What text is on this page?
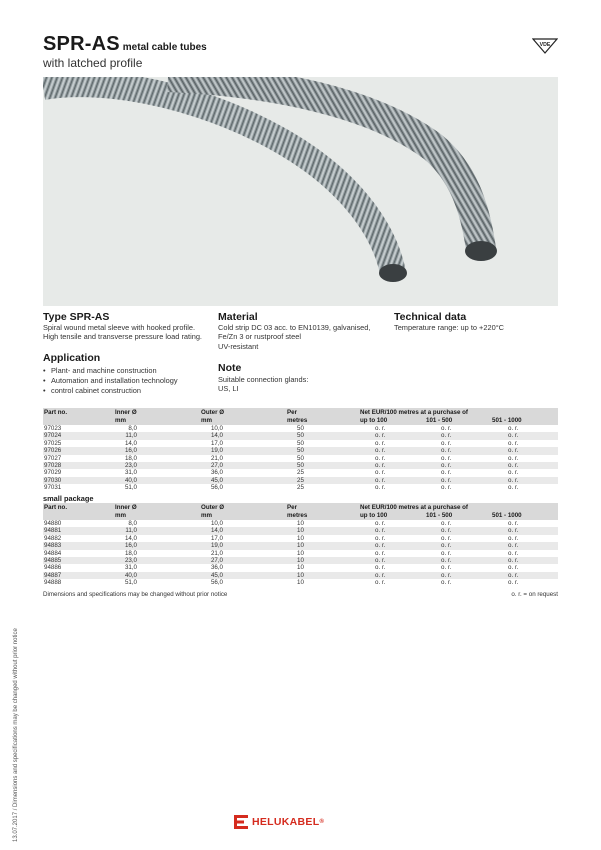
SPR-AS metal cable tubes
with latched profile
VDE
Type SPR-AS
Spiral wound metal sleeve with hooked profile.
High tensile and transverse pressure load rating.
Application
• Plant- and machine construction
• Automation and installation technology
• control cabinet construction
Material
Cold strip DC 03 acc. to EN10139, galvanised,
Fe/Zn 3 or rustproof steel
UV-resistant
Note
Suitable connection glands:
US, LI
Technical data
Temperature range: up to +220°C
Part no.	Inner Ø
mm
Outer Ø
mm
Per
metres
Net EUR/100 metres at a purchase of
up to 100	101 - 500	501 - 1000
97023	8,0	10,0	50	o. r.	o. r.	o. r.
97024	11,0	14,0	50	o. r.	o. r.	o. r.
97025	14,0	17,0	50	o. r.	o. r.	o. r.
97026	16,0	19,0	50	o. r.	o. r.	o. r.
97027	18,0	21,0	50	o. r.	o. r.	o. r.
97028	23,0	27,0	50	o. r.	o. r.	o. r.
97029	31,0	36,0	25	o. r.	o. r.	o. r.
97030	40,0	45,0	25	o. r.	o. r.	o. r.
97031	51,0	56,0	25	o. r.	o. r.	o. r.
small package
Part no.	Inner Ø
mm
Outer Ø
mm
Per
metres
Net EUR/100 metres at a purchase of
up to 100	101 - 500	501 - 1000
94880	8,0	10,0	10	o. r.	o. r.	o. r.
94881	11,0	14,0	10	o. r.	o. r.	o. r.
94882	14,0	17,0	10	o. r.	o. r.	o. r.
94883	16,0	19,0	10	o. r.	o. r.	o. r.
94884	18,0	21,0	10	o. r.	o. r.	o. r.
94885	23,0	27,0	10	o. r.	o. r.	o. r.
94886	31,0	36,0	10	o. r.	o. r.	o. r.
94887	40,0	45,0	10	o. r.	o. r.	o. r.
94888	51,0	56,0	10	o. r.	o. r.	o. r.
Dimensions and specifications may be changed without prior notice	o. r. = on request
13.07.2017 / Dimensions and specifications may be changed without prior notice	HELUKABEL ®
